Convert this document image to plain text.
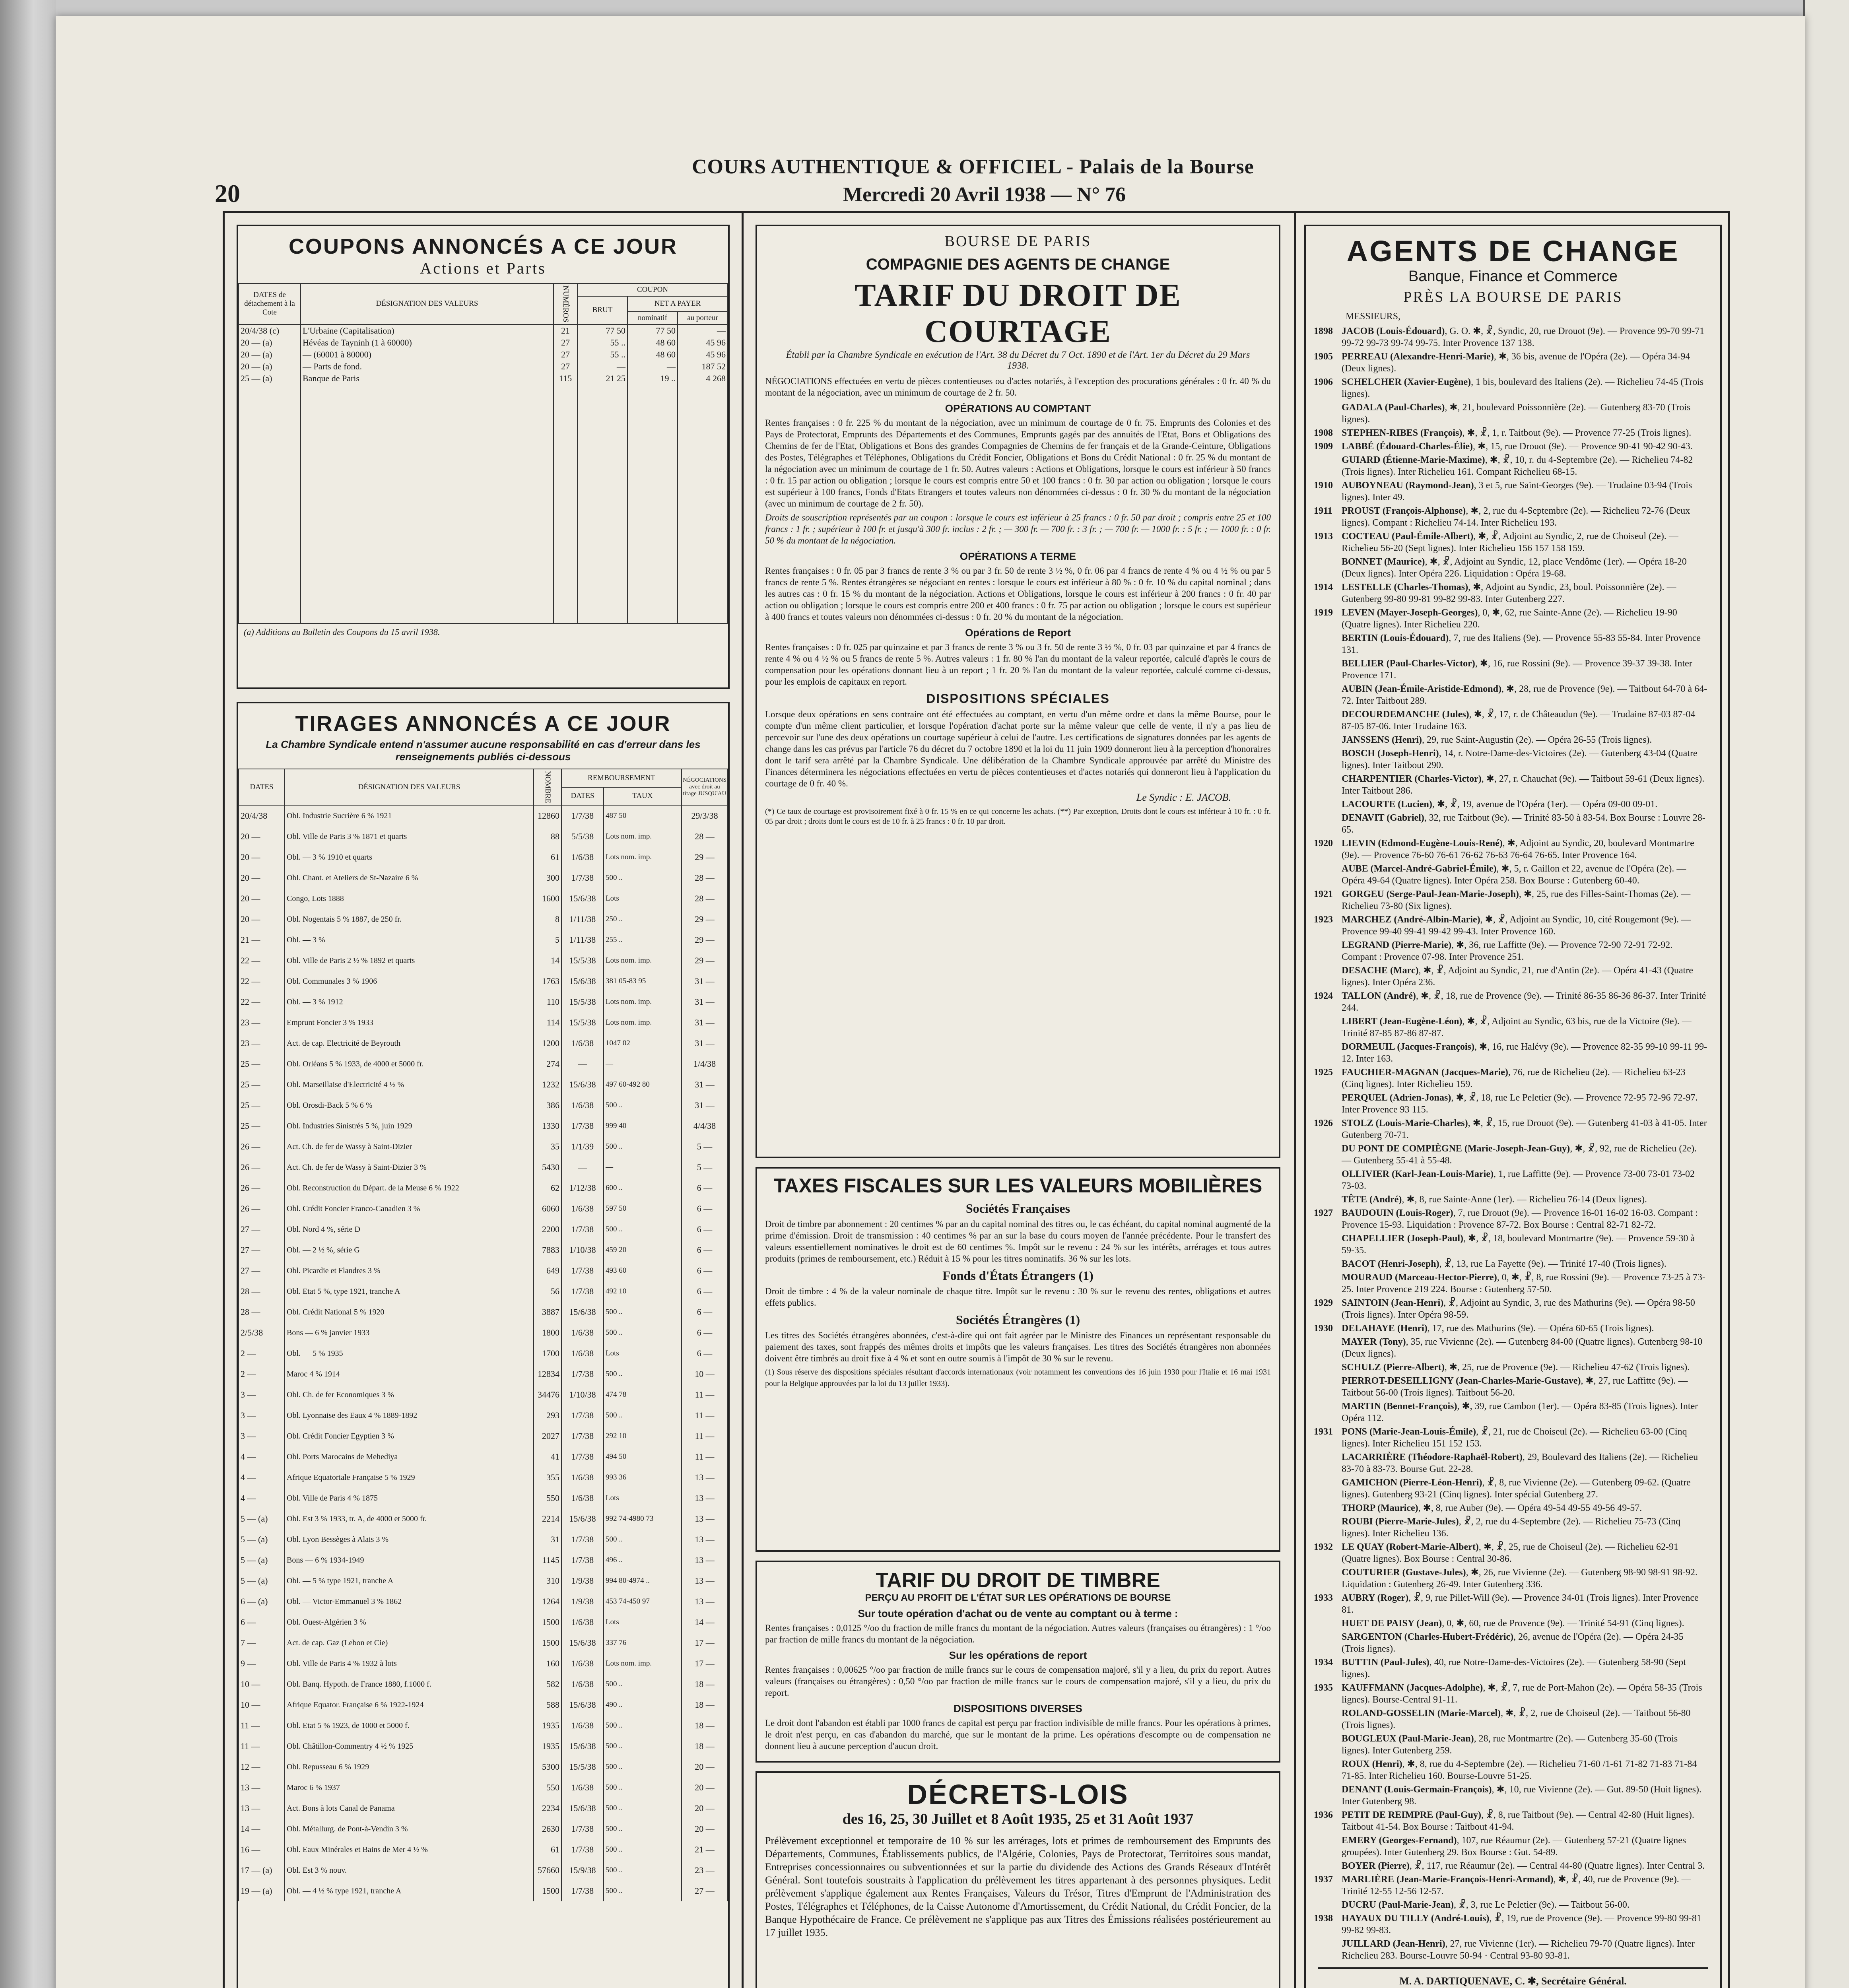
20
COURS AUTHENTIQUE & OFFICIEL - Palais de la Bourse
Mercredi 20 Avril 1938 — N° 76
COUPONS ANNONCÉS A CE JOUR
Actions et Parts
DATES de détachement à la Cote	DÉSIGNATION DES VALEURS	NUMÉROS	COUPON		
			BRUT	NET A PAYER	
				nominatif	au porteur
20/4/38 (c)	L'Urbaine (Capitalisation)	21	77 50	77 50	—
20 — (a)	Hévéas de Tayninh (1 à 60000)	27	55 ..	48 60	45 96
20 — (a)	— (60001 à 80000)	27	55 ..	48 60	45 96
20 — (a)	— Parts de fond.	27	—	—	187 52
25 — (a)	Banque de Paris	115	21 25	19 ..	4 268

(a) Additions au Bulletin des Coupons du 15 avril 1938.
TIRAGES ANNONCÉS A CE JOUR
La Chambre Syndicale entend n'assumer aucune responsabilité en cas d'erreur dans les renseignements publiés ci-dessous
DATES	DÉSIGNATION DES VALEURS	NOMBRE	REMBOURSEMENT		NÉGOCIATIONS avec droit au tirage JUSQU'AU
			DATES	TAUX	
20/4/38	Obl. Industrie Sucrière 6 % 1921	12860	1/7/38	487 50	29/3/38
20 —	Obl. Ville de Paris 3 % 1871 et quarts	88	5/5/38	Lots nom. imp.	28 —
20 —	Obl. — 3 % 1910 et quarts	61	1/6/38	Lots nom. imp.	29 —
20 —	Obl. Chant. et Ateliers de St-Nazaire 6 %	300	1/7/38	500 ..	28 —
20 —	Congo, Lots 1888	1600	15/6/38	Lots	28 —
20 —	Obl. Nogentais 5 % 1887, de 250 fr.	8	1/11/38	250 ..	29 —
21 —	Obl. — 3 %	5	1/11/38	255 ..	29 —
22 —	Obl. Ville de Paris 2 ½ % 1892 et quarts	14	15/5/38	Lots nom. imp.	29 —
22 —	Obl. Communales 3 % 1906	1763	15/6/38	381 05-83 95	31 —
22 —	Obl. — 3 % 1912	110	15/5/38	Lots nom. imp.	31 —
23 —	Emprunt Foncier 3 % 1933	114	15/5/38	Lots nom. imp.	31 —
23 —	Act. de cap. Electricité de Beyrouth	1200	1/6/38	1047 02	31 —
25 —	Obl. Orléans 5 % 1933, de 4000 et 5000 fr.	274	—	—	1/4/38
25 —	Obl. Marseillaise d'Electricité 4 ½ %	1232	15/6/38	497 60-492 80	31 —
25 —	Obl. Orosdi-Back 5 % 6 %	386	1/6/38	500 ..	31 —
25 —	Obl. Industries Sinistrés 5 %, juin 1929	1330	1/7/38	999 40	4/4/38
26 —	Act. Ch. de fer de Wassy à Saint-Dizier	35	1/1/39	500 ..	5 —
26 —	Act. Ch. de fer de Wassy à Saint-Dizier 3 %	5430	—	—	5 —
26 —	Obl. Reconstruction du Départ. de la Meuse 6 % 1922	62	1/12/38	600 ..	6 —
26 —	Obl. Crédit Foncier Franco-Canadien 3 %	6060	1/6/38	597 50	6 —
27 —	Obl. Nord 4 %, série D	2200	1/7/38	500 ..	6 —
27 —	Obl. — 2 ½ %, série G	7883	1/10/38	459 20	6 —
27 —	Obl. Picardie et Flandres 3 %	649	1/7/38	493 60	6 —
28 —	Obl. Etat 5 %, type 1921, tranche A	56	1/7/38	492 10	6 —
28 —	Obl. Crédit National 5 % 1920	3887	15/6/38	500 ..	6 —
2/5/38	Bons — 6 % janvier 1933	1800	1/6/38	500 ..	6 —
2 —	Obl. — 5 % 1935	1700	1/6/38	Lots	6 —
2 —	Maroc 4 % 1914	12834	1/7/38	500 ..	10 —
3 —	Obl. Ch. de fer Economiques 3 %	34476	1/10/38	474 78	11 —
3 —	Obl. Lyonnaise des Eaux 4 % 1889-1892	293	1/7/38	500 ..	11 —
3 —	Obl. Crédit Foncier Egyptien 3 %	2027	1/7/38	292 10	11 —
4 —	Obl. Ports Marocains de Mehediya	41	1/7/38	494 50	11 —
4 —	Afrique Equatoriale Française 5 % 1929	355	1/6/38	993 36	13 —
4 —	Obl. Ville de Paris 4 % 1875	550	1/6/38	Lots	13 —
5 — (a)	Obl. Est 3 % 1933, tr. A, de 4000 et 5000 fr.	2214	15/6/38	992 74-4980 73	13 —
5 — (a)	Obl. Lyon Bessèges à Alais 3 %	31	1/7/38	500 ..	13 —
5 — (a)	Bons — 6 % 1934-1949	1145	1/7/38	496 ..	13 —
5 — (a)	Obl. — 5 % type 1921, tranche A	310	1/9/38	994 80-4974 ..	13 —
6 — (a)	Obl. — Victor-Emmanuel 3 % 1862	1264	1/9/38	453 74-450 97	13 —
6 —	Obl. Ouest-Algérien 3 %	1500	1/6/38	Lots	14 —
7 —	Act. de cap. Gaz (Lebon et Cie)	1500	15/6/38	337 76	17 —
9 —	Obl. Ville de Paris 4 % 1932 à lots	160	1/6/38	Lots nom. imp.	17 —
10 —	Obl. Banq. Hypoth. de France 1880, f.1000 f.	582	1/6/38	500 ..	18 —
10 —	Afrique Equator. Française 6 % 1922-1924	588	15/6/38	490 ..	18 —
11 —	Obl. Etat 5 % 1923, de 1000 et 5000 f.	1935	1/6/38	500 ..	18 —
11 —	Obl. Châtillon-Commentry 4 ½ % 1925	1935	15/6/38	500 ..	18 —
12 —	Obl. Repusseau 6 % 1929	5300	15/5/38	500 ..	20 —
13 —	Maroc 6 % 1937	550	1/6/38	500 ..	20 —
13 —	Act. Bons à lots Canal de Panama	2234	15/6/38	500 ..	20 —
14 —	Obl. Métallurg. de Pont-à-Vendin 3 %	2630	1/7/38	500 ..	20 —
16 —	Obl. Eaux Minérales et Bains de Mer 4 ½ %	61	1/7/38	500 ..	21 —
17 — (a)	Obl. Est 3 % nouv.	57660	15/9/38	500 ..	23 —
19 — (a)	Obl. — 4 ½ % type 1921, tranche A	1500	1/7/38	500 ..	27 —
BOURSE DE PARIS
COMPAGNIE DES AGENTS DE CHANGE
TARIF DU DROIT DE COURTAGE
Établi par la Chambre Syndicale en exécution de l'Art. 38 du Décret du 7 Oct. 1890 et de l'Art. 1er du Décret du 29 Mars 1938.

NÉGOCIATIONS effectuées en vertu de pièces contentieuses ou d'actes notariés, à l'exception des procurations générales : 0 fr. 40 % du montant de la négociation, avec un minimum de courtage de 2 fr. 50.

OPÉRATIONS AU COMPTANT

Rentes françaises : 0 fr. 225 % du montant de la négociation, avec un minimum de courtage de 0 fr. 75. Emprunts des Colonies et des Pays de Protectorat, Emprunts des Départements et des Communes, Emprunts gagés par des annuités de l'Etat, Bons et Obligations des Chemins de fer de l'Etat, Obligations et Bons des grandes Compagnies de Chemins de fer français et de la Grande-Ceinture, Obligations des Postes, Télégraphes et Téléphones, Obligations du Crédit Foncier, Obligations et Bons du Crédit National : 0 fr. 25 % du montant de la négociation avec un minimum de courtage de 1 fr. 50. Autres valeurs : Actions et Obligations, lorsque le cours est inférieur à 50 francs : 0 fr. 15 par action ou obligation ; lorsque le cours est compris entre 50 et 100 francs : 0 fr. 30 par action ou obligation ; lorsque le cours est supérieur à 100 francs, Fonds d'Etats Etrangers et toutes valeurs non dénommées ci-dessus : 0 fr. 30 % du montant de la négociation (avec un minimum de courtage de 2 fr. 50).

Droits de souscription représentés par un coupon : lorsque le cours est inférieur à 25 francs : 0 fr. 50 par droit ; compris entre 25 et 100 francs : 1 fr. ; supérieur à 100 fr. et jusqu'à 300 fr. inclus : 2 fr. ; — 300 fr. — 700 fr. : 3 fr. ; — 700 fr. — 1000 fr. : 5 fr. ; — 1000 fr. : 0 fr. 50 % du montant de la négociation.

OPÉRATIONS A TERME

Rentes françaises : 0 fr. 05 par 3 francs de rente 3 % ou par 3 fr. 50 de rente 3 ½ %, 0 fr. 06 par 4 francs de rente 4 % ou 4 ½ % ou par 5 francs de rente 5 %. Rentes étrangères se négociant en rentes : lorsque le cours est inférieur à 80 % : 0 fr. 10 % du capital nominal ; dans les autres cas : 0 fr. 15 % du montant de la négociation. Actions et Obligations, lorsque le cours est inférieur à 200 francs : 0 fr. 40 par action ou obligation ; lorsque le cours est compris entre 200 et 400 francs : 0 fr. 75 par action ou obligation ; lorsque le cours est supérieur à 400 francs et toutes valeurs non dénommées ci-dessus : 0 fr. 20 % du montant de la négociation.

Opérations de Report

Rentes françaises : 0 fr. 025 par quinzaine et par 3 francs de rente 3 % ou 3 fr. 50 de rente 3 ½ %, 0 fr. 03 par quinzaine et par 4 francs de rente 4 % ou 4 ½ % ou 5 francs de rente 5 %. Autres valeurs : 1 fr. 80 % l'an du montant de la valeur reportée, calculé d'après le cours de compensation pour les opérations donnant lieu à un report ; 1 fr. 20 % l'an du montant de la valeur reportée, calculé comme ci-dessus, pour les emplois de capitaux en report.

DISPOSITIONS SPÉCIALES

Lorsque deux opérations en sens contraire ont été effectuées au comptant, en vertu d'un même ordre et dans la même Bourse, pour le compte d'un même client particulier, et lorsque l'opération d'achat porte sur la même valeur que celle de vente, il n'y a pas lieu de percevoir sur l'une des deux opérations un courtage supérieur à celui de l'autre. Les certifications de signatures données par les agents de change dans les cas prévus par l'article 76 du décret du 7 octobre 1890 et la loi du 11 juin 1909 donneront lieu à la perception d'honoraires dont le tarif sera arrêté par la Chambre Syndicale. Une délibération de la Chambre Syndicale approuvée par arrêté du Ministre des Finances déterminera les négociations effectuées en vertu de pièces contentieuses et d'actes notariés qui donneront lieu à l'application du courtage de 0 fr. 40 %.

Le Syndic : E. JACOB.

(*) Ce taux de courtage est provisoirement fixé à 0 fr. 15 % en ce qui concerne les achats. (**) Par exception, Droits dont le cours est inférieur à 10 fr. : 0 fr. 05 par droit ; droits dont le cours est de 10 fr. à 25 francs : 0 fr. 10 par droit.

TAXES FISCALES SUR LES VALEURS MOBILIÈRES
Sociétés Françaises

Droit de timbre par abonnement : 20 centimes % par an du capital nominal des titres ou, le cas échéant, du capital nominal augmenté de la prime d'émission. Droit de transmission : 40 centimes % par an sur la base du cours moyen de l'année précédente. Pour le transfert des valeurs essentiellement nominatives le droit est de 60 centimes %. Impôt sur le revenu : 24 % sur les intérêts, arrérages et tous autres produits (primes de remboursement, etc.) Réduit à 15 % pour les titres nominatifs. 36 % sur les lots.

Fonds d'États Étrangers (1)

Droit de timbre : 4 % de la valeur nominale de chaque titre. Impôt sur le revenu : 30 % sur le revenu des rentes, obligations et autres effets publics.

Sociétés Étrangères (1)

Les titres des Sociétés étrangères abonnées, c'est-à-dire qui ont fait agréer par le Ministre des Finances un représentant responsable du paiement des taxes, sont frappés des mêmes droits et impôts que les valeurs françaises. Les titres des Sociétés étrangères non abonnées doivent être timbrés au droit fixe à 4 % et sont en outre soumis à l'impôt de 30 % sur le revenu.

(1) Sous réserve des dispositions spéciales résultant d'accords internationaux (voir notamment les conventions des 16 juin 1930 pour l'Italie et 16 mai 1931 pour la Belgique approuvées par la loi du 13 juillet 1933).

TARIF DU DROIT DE TIMBRE
PERÇU AU PROFIT DE L'ÉTAT SUR LES OPÉRATIONS DE BOURSE
Sur toute opération d'achat ou de vente au comptant ou à terme :

Rentes françaises : 0,0125 °/oo du fraction de mille francs du montant de la négociation. Autres valeurs (françaises ou étrangères) : 1 °/oo par fraction de mille francs du montant de la négociation.

Sur les opérations de report

Rentes françaises : 0,00625 °/oo par fraction de mille francs sur le cours de compensation majoré, s'il y a lieu, du prix du report. Autres valeurs (françaises ou étrangères) : 0,50 °/oo par fraction de mille francs sur le cours de compensation majoré, s'il y a lieu, du prix du report.

DISPOSITIONS DIVERSES

Le droit dont l'abandon est établi par 1000 francs de capital est perçu par fraction indivisible de mille francs. Pour les opérations à primes, le droit n'est perçu, en cas d'abandon du marché, que sur le montant de la prime. Les opérations d'escompte ou de compensation ne donnent lieu à aucune perception d'aucun droit.

DÉCRETS-LOIS
des 16, 25, 30 Juillet et 8 Août 1935, 25 et 31 Août 1937

Prélèvement exceptionnel et temporaire de 10 % sur les arrérages, lots et primes de remboursement des Emprunts des Départements, Communes, Établissements publics, de l'Algérie, Colonies, Pays de Protectorat, Territoires sous mandat, Entreprises concessionnaires ou subventionnées et sur la partie du dividende des Actions des Grands Réseaux d'Intérêt Général. Sont toutefois soustraits à l'application du prélèvement les titres appartenant à des personnes physiques. Ledit prélèvement s'applique également aux Rentes Françaises, Valeurs du Trésor, Titres d'Emprunt de l'Administration des Postes, Télégraphes et Téléphones, de la Caisse Autonome d'Amortissement, du Crédit National, du Crédit Foncier, de la Banque Hypothécaire de France. Ce prélèvement ne s'applique pas aux Titres des Émissions réalisées postérieurement au 17 juillet 1935.

AGENTS DE CHANGE
Banque, Finance et Commerce
PRÈS LA BOURSE DE PARIS
MESSIEURS,
1898 JACOB (Louis-Édouard), G. O. ✱, ☧, Syndic, 20, rue Drouot (9e). — Provence 99-70 99-71 99-72 99-73 99-74 99-75. Inter Provence 137 138.
1905 PERREAU (Alexandre-Henri-Marie), ✱, 36 bis, avenue de l'Opéra (2e). — Opéra 34-94 (Deux lignes).
1906 SCHELCHER (Xavier-Eugène), 1 bis, boulevard des Italiens (2e). — Richelieu 74-45 (Trois lignes).
GADALA (Paul-Charles), ✱, 21, boulevard Poissonnière (2e). — Gutenberg 83-70 (Trois lignes).
1908 STEPHEN-RIBES (François), ✱, ☧, 1, r. Taitbout (9e). — Provence 77-25 (Trois lignes).
1909 LABBÉ (Édouard-Charles-Élie), ✱, 15, rue Drouot (9e). — Provence 90-41 90-42 90-43.
GUIARD (Étienne-Marie-Maxime), ✱, ☧, 10, r. du 4-Septembre (2e). — Richelieu 74-82 (Trois lignes). Inter Richelieu 161. Compant Richelieu 68-15.
1910 AUBOYNEAU (Raymond-Jean), 3 et 5, rue Saint-Georges (9e). — Trudaine 03-94 (Trois lignes). Inter 49.
1911 PROUST (François-Alphonse), ✱, 2, rue du 4-Septembre (2e). — Richelieu 72-76 (Deux lignes). Compant : Richelieu 74-14. Inter Richelieu 193.
1913 COCTEAU (Paul-Émile-Albert), ✱, ☧, Adjoint au Syndic, 2, rue de Choiseul (2e). — Richelieu 56-20 (Sept lignes). Inter Richelieu 156 157 158 159.
BONNET (Maurice), ✱, ☧, Adjoint au Syndic, 12, place Vendôme (1er). — Opéra 18-20 (Deux lignes). Inter Opéra 226. Liquidation : Opéra 19-68.
1914 LESTELLE (Charles-Thomas), ✱, Adjoint au Syndic, 23, boul. Poissonnière (2e). — Gutenberg 99-80 99-81 99-82 99-83. Inter Gutenberg 227.
1919 LEVEN (Mayer-Joseph-Georges), 0, ✱, 62, rue Sainte-Anne (2e). — Richelieu 19-90 (Quatre lignes). Inter Richelieu 220.
BERTIN (Louis-Édouard), 7, rue des Italiens (9e). — Provence 55-83 55-84. Inter Provence 131.
BELLIER (Paul-Charles-Victor), ✱, 16, rue Rossini (9e). — Provence 39-37 39-38. Inter Provence 171.
AUBIN (Jean-Émile-Aristide-Edmond), ✱, 28, rue de Provence (9e). — Taitbout 64-70 à 64-72. Inter Taitbout 289.
DECOURDEMANCHE (Jules), ✱, ☧, 17, r. de Châteaudun (9e). — Trudaine 87-03 87-04 87-05 87-06. Inter Trudaine 163.
JANSSENS (Henri), 29, rue Saint-Augustin (2e). — Opéra 26-55 (Trois lignes).
BOSCH (Joseph-Henri), 14, r. Notre-Dame-des-Victoires (2e). — Gutenberg 43-04 (Quatre lignes). Inter Taitbout 290.
CHARPENTIER (Charles-Victor), ✱, 27, r. Chauchat (9e). — Taitbout 59-61 (Deux lignes). Inter Taitbout 286.
LACOURTE (Lucien), ✱, ☧, 19, avenue de l'Opéra (1er). — Opéra 09-00 09-01.
DENAVIT (Gabriel), 32, rue Taitbout (9e). — Trinité 83-50 à 83-54. Box Bourse : Louvre 28-65.
1920 LIEVIN (Edmond-Eugène-Louis-René), ✱, Adjoint au Syndic, 20, boulevard Montmartre (9e). — Provence 76-60 76-61 76-62 76-63 76-64 76-65. Inter Provence 164.
AUBE (Marcel-André-Gabriel-Émile), ✱, 5, r. Gaillon et 22, avenue de l'Opéra (2e). — Opéra 49-64 (Quatre lignes). Inter Opéra 258. Box Bourse : Gutenberg 60-40.
1921 GORGEU (Serge-Paul-Jean-Marie-Joseph), ✱, 25, rue des Filles-Saint-Thomas (2e). — Richelieu 73-80 (Six lignes).
1923 MARCHEZ (André-Albin-Marie), ✱, ☧, Adjoint au Syndic, 10, cité Rougemont (9e). — Provence 99-40 99-41 99-42 99-43. Inter Provence 160.
LEGRAND (Pierre-Marie), ✱, 36, rue Laffitte (9e). — Provence 72-90 72-91 72-92. Compant : Provence 07-98. Inter Provence 251.
DESACHE (Marc), ✱, ☧, Adjoint au Syndic, 21, rue d'Antin (2e). — Opéra 41-43 (Quatre lignes). Inter Opéra 236.
1924 TALLON (André), ✱, ☧, 18, rue de Provence (9e). — Trinité 86-35 86-36 86-37. Inter Trinité 244.
LIBERT (Jean-Eugène-Léon), ✱, ☧, Adjoint au Syndic, 63 bis, rue de la Victoire (9e). — Trinité 87-85 87-86 87-87.
DORMEUIL (Jacques-François), ✱, 16, rue Halévy (9e). — Provence 82-35 99-10 99-11 99-12. Inter 163.
1925 FAUCHIER-MAGNAN (Jacques-Marie), 76, rue de Richelieu (2e). — Richelieu 63-23 (Cinq lignes). Inter Richelieu 159.
PERQUEL (Adrien-Jonas), ✱, ☧, 18, rue Le Peletier (9e). — Provence 72-95 72-96 72-97. Inter Provence 93 115.
1926 STOLZ (Louis-Marie-Charles), ✱, ☧, 15, rue Drouot (9e). — Gutenberg 41-03 à 41-05. Inter Gutenberg 70-71.
DU PONT DE COMPIÈGNE (Marie-Joseph-Jean-Guy), ✱, ☧, 92, rue de Richelieu (2e). — Gutenberg 55-41 à 55-48.
OLLIVIER (Karl-Jean-Louis-Marie), 1, rue Laffitte (9e). — Provence 73-00 73-01 73-02 73-03.
TÊTE (André), ✱, 8, rue Sainte-Anne (1er). — Richelieu 76-14 (Deux lignes).
1927 BAUDOUIN (Louis-Roger), 7, rue Drouot (9e). — Provence 16-01 16-02 16-03. Compant : Provence 15-93. Liquidation : Provence 87-72. Box Bourse : Central 82-71 82-72.
CHAPELLIER (Joseph-Paul), ✱, ☧, 18, boulevard Montmartre (9e). — Provence 59-30 à 59-35.
BACOT (Henri-Joseph), ☧, 13, rue La Fayette (9e). — Trinité 17-40 (Trois lignes).
MOURAUD (Marceau-Hector-Pierre), 0, ✱, ☧, 8, rue Rossini (9e). — Provence 73-25 à 73-25. Inter Provence 219 224. Bourse : Gutenberg 57-50.
1929 SAINTOIN (Jean-Henri), ☧, Adjoint au Syndic, 3, rue des Mathurins (9e). — Opéra 98-50 (Trois lignes). Inter Opéra 98-59.
1930 DELAHAYE (Henri), 17, rue des Mathurins (9e). — Opéra 60-65 (Trois lignes).
MAYER (Tony), 35, rue Vivienne (2e). — Gutenberg 84-00 (Quatre lignes). Gutenberg 98-10 (Deux lignes).
SCHULZ (Pierre-Albert), ✱, 25, rue de Provence (9e). — Richelieu 47-62 (Trois lignes).
PIERROT-DESEILLIGNY (Jean-Charles-Marie-Gustave), ✱, 27, rue Laffitte (9e). — Taitbout 56-00 (Trois lignes). Taitbout 56-20.
MARTIN (Bennet-François), ✱, 39, rue Cambon (1er). — Opéra 83-85 (Trois lignes). Inter Opéra 112.
1931 PONS (Marie-Jean-Louis-Émile), ☧, 21, rue de Choiseul (2e). — Richelieu 63-00 (Cinq lignes). Inter Richelieu 151 152 153.
LACARRIÈRE (Théodore-Raphaël-Robert), 29, Boulevard des Italiens (2e). — Richelieu 83-70 à 83-73. Bourse Gut. 22-28.
GAMICHON (Pierre-Léon-Henri), ☧, 8, rue Vivienne (2e). — Gutenberg 09-62. (Quatre lignes). Gutenberg 93-21 (Cinq lignes). Inter spécial Gutenberg 27.
THORP (Maurice), ✱, 8, rue Auber (9e). — Opéra 49-54 49-55 49-56 49-57.
ROUBI (Pierre-Marie-Jules), ☧, 2, rue du 4-Septembre (2e). — Richelieu 75-73 (Cinq lignes). Inter Richelieu 136.
1932 LE QUAY (Robert-Marie-Albert), ✱, ☧, 25, rue de Choiseul (2e). — Richelieu 62-91 (Quatre lignes). Box Bourse : Central 30-86.
COUTURIER (Gustave-Jules), ✱, 26, rue Vivienne (2e). — Gutenberg 98-90 98-91 98-92. Liquidation : Gutenberg 26-49. Inter Gutenberg 336.
1933 AUBRY (Roger), ☧, 9, rue Pillet-Will (9e). — Provence 34-01 (Trois lignes). Inter Provence 81.
HUET DE PAISY (Jean), 0, ✱, 60, rue de Provence (9e). — Trinité 54-91 (Cinq lignes).
SARGENTON (Charles-Hubert-Frédéric), 26, avenue de l'Opéra (2e). — Opéra 24-35 (Trois lignes).
1934 BUTTIN (Paul-Jules), 40, rue Notre-Dame-des-Victoires (2e). — Gutenberg 58-90 (Sept lignes).
1935 KAUFFMANN (Jacques-Adolphe), ✱, ☧, 7, rue de Port-Mahon (2e). — Opéra 58-35 (Trois lignes). Bourse-Central 91-11.
ROLAND-GOSSELIN (Marie-Marcel), ✱, ☧, 2, rue de Choiseul (2e). — Taitbout 56-80 (Trois lignes).
BOUGLEUX (Paul-Marie-Jean), 28, rue Montmartre (2e). — Gutenberg 35-60 (Trois lignes). Inter Gutenberg 259.
ROUX (Henri), ✱, 8, rue du 4-Septembre (2e). — Richelieu 71-60 /1-61 71-82 71-83 71-84 71-85. Inter Richelieu 160. Bourse-Louvre 51-25.
DENANT (Louis-Germain-François), ✱, 10, rue Vivienne (2e). — Gut. 89-50 (Huit lignes). Inter Gutenberg 98.
1936 PETIT DE REIMPRE (Paul-Guy), ☧, 8, rue Taitbout (9e). — Central 42-80 (Huit lignes). Taitbout 41-54. Box Bourse : Taitbout 41-94.
EMERY (Georges-Fernand), 107, rue Réaumur (2e). — Gutenberg 57-21 (Quatre lignes groupées). Inter Gutenberg 29. Box Bourse : Gut. 54-89.
BOYER (Pierre), ☧, 117, rue Réaumur (2e). — Central 44-80 (Quatre lignes). Inter Central 3.
1937 MARLIÈRE (Jean-Marie-François-Henri-Armand), ✱, ☧, 40, rue de Provence (9e). — Trinité 12-55 12-56 12-57.
DUCRU (Paul-Marie-Jean), ☧, 3, rue Le Peletier (9e). — Taitbout 56-00.
1938 HAYAUX DU TILLY (André-Louis), ☧, 19, rue de Provence (9e). — Provence 99-80 99-81 99-82 99-83.
JUILLARD (Jean-Henri), 27, rue Vivienne (1er). — Richelieu 79-70 (Quatre lignes). Inter Richelieu 283. Bourse-Louvre 50-94 · Central 93-80 93-81.
M. A. DARTIQUENAVE, C. ✱, Secrétaire Général.
